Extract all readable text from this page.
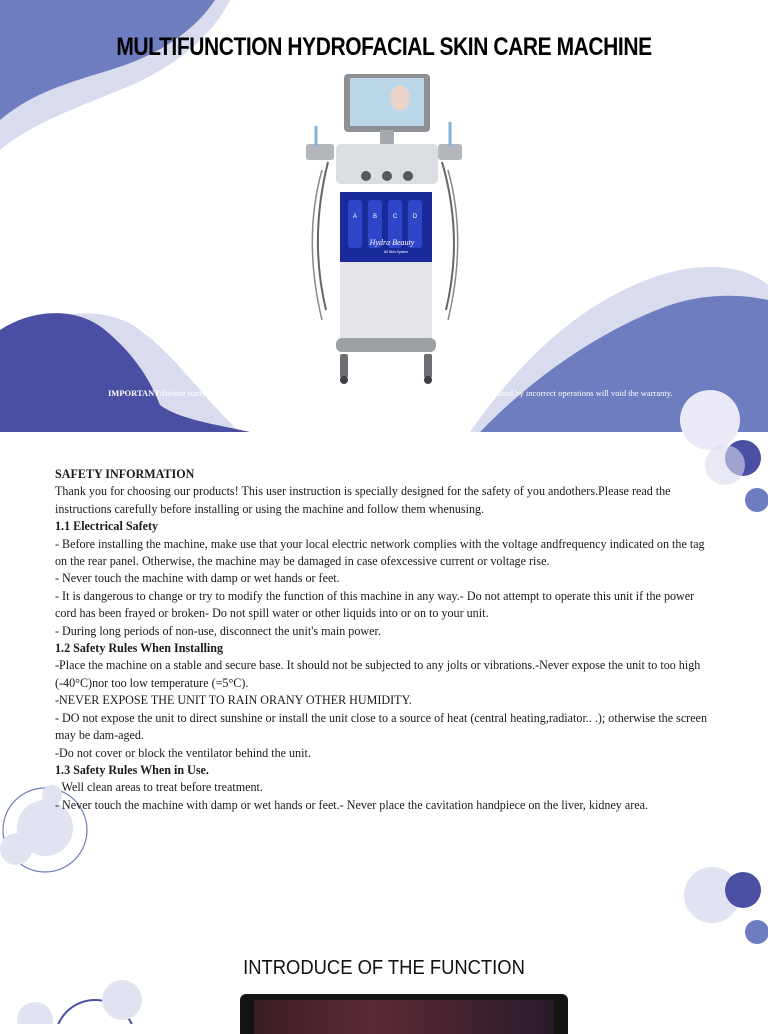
MULTIFUNCTION HYDROFACIAL SKIN CARE MACHINE
A	B	C	D
Hydra Beauty
All Skin System
IMPORTANT:Before starting the equipment correctly, please follow the installation instructions.Any damages caused by incorrect operations will void the warranty.

SAFETY INFORMATION

Thank you for choosing our products! This user instruction is specially designed for the safety of you andothers.Please read the instructions carefully before installing or using the machine and follow them whenusing.

1.1 Electrical Safety

- Before installing the machine, make use that your local electric network complies with the voltage andfrequency indicated on the tag on the rear panel. Otherwise, the machine may be damaged in case ofexcessive current or voltage rise.

- Never touch the machine with damp or wet hands or feet.

- It is dangerous to change or try to modify the function of this machine in any way.- Do not attempt to operate this unit if the power cord has been frayed or broken- Do not spill water or other liquids into or on to your unit.

- During long periods of non-use, disconnect the unit's main power.

1.2 Safety Rules When Installing

-Place the machine on a stable and secure base. It should not be subjected to any jolts or vibrations.-Never expose the unit to too high (-40°C)nor too low temperature (=5°C).

-NEVER EXPOSE THE UNIT TO RAIN ORANY OTHER HUMIDITY.

- DO not expose the unit to direct sunshine or install the unit close to a source of heat (central heating,radiator.. .); otherwise the screen may be dam-aged.

-Do not cover or block the ventilator behind the unit.

1.3 Safety Rules When in Use.

Well clean areas to treat before treatment.

- Never touch the machine with damp or wet hands or feet.- Never place the cavitation handpiece on the liver, kidney area.

INTRODUCE OF THE FUNCTION
